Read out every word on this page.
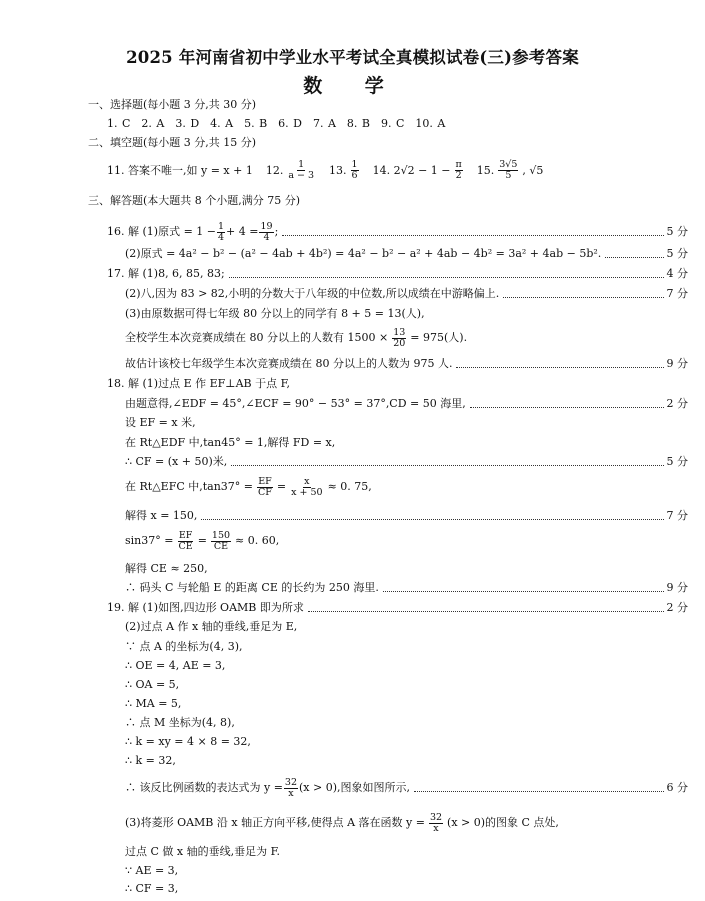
2025 年河南省初中学业水平考试全真模拟试卷(三)参考答案
数 学
一、选择题(每小题 3 分,共 30 分)
1. C　2. A　3. D　4. A　5. B　6. D　7. A　8. B　9. C　10. A
二、填空题(每小题 3 分,共 15 分)
11. 答案不唯一,如 y = x + 1 12. $\frac{1}{a - 3} 13$. $\frac{1}{6} 14$. $2√2 - 1 - \frac{\pi}{2} 15$. $\frac{3√5}{5}$ , √5
三、解答题(本大题共 8 个小题,满分 75 分)
16. 解 (1)原式 = $1 - \frac{1}{4} + 4 = \frac{19}{4}$ ;	5 分
(2)原式 = 4a² − b² − (a² − 4ab + 4b²) = 4a² − b² − a² + 4ab − 4b² = 3a² + 4ab − 5b².	5 分
17. 解 (1)8, 6, 85, 83;	4 分
(2)八,因为 83 > 82,小明的分数大于八年级的中位数,所以成绩在中游略偏上.	7 分
(3)由原数据可得七年级 80 分以上的同学有 8 + 5 = 13(人),
全校学生本次竞赛成绩在 80 分以上的人数有 $1500 \times \frac{13}{20} = 975$(人).
故估计该校七年级学生本次竞赛成绩在 80 分以上的人数为 975 人.	9 分
18. 解 (1)过点 E 作 EF⊥AB 于点 F,
由题意得,∠EDF = 45°,∠ECF = 90° − 53° = 37°,CD = 50 海里,	2 分
设 EF = x 米,
在 Rt△EDF 中,tan45° = 1,解得 FD = x,
∴ CF = (x + 50)米,	5 分
在 Rt△EFC 中$,\tan 37^\circ = \frac{EF}{CF} = \frac{x}{x + 50} \approx 0$. 75,
解得 x = 150,	7 分
$\sin 37^\circ = \frac{EF}{CE} = \frac{150}{CE} \approx 0$. 60,
解得 CE ≈ 250,
∴ 码头 C 与轮船 E 的距离 CE 的长约为 250 海里.	9 分
19. 解 (1)如图,四边形 OAMB 即为所求	2 分
(2)过点 A 作 x 轴的垂线,垂足为 E,
∵ 点 A 的坐标为(4, 3),
∴ OE = 4, AE = 3,
∴ OA = 5,
∴ MA = 5,
∴ 点 M 坐标为(4, 8),
∴ k = xy = 4 × 8 = 32,
∴ k = 32,
∴ 该反比例函数的表达式为 $y = \frac{32}{x} (x > 0)$,图象如图所示,	6 分
(3)将菱形 OAMB 沿 x 轴正方向平移,使得点 A 落在函数 $y = \frac{32}{x} (x > 0)$的图象 C 点处,
过点 C 做 x 轴的垂线,垂足为 F.
∵ AE = 3,
∴ CF = 3,
